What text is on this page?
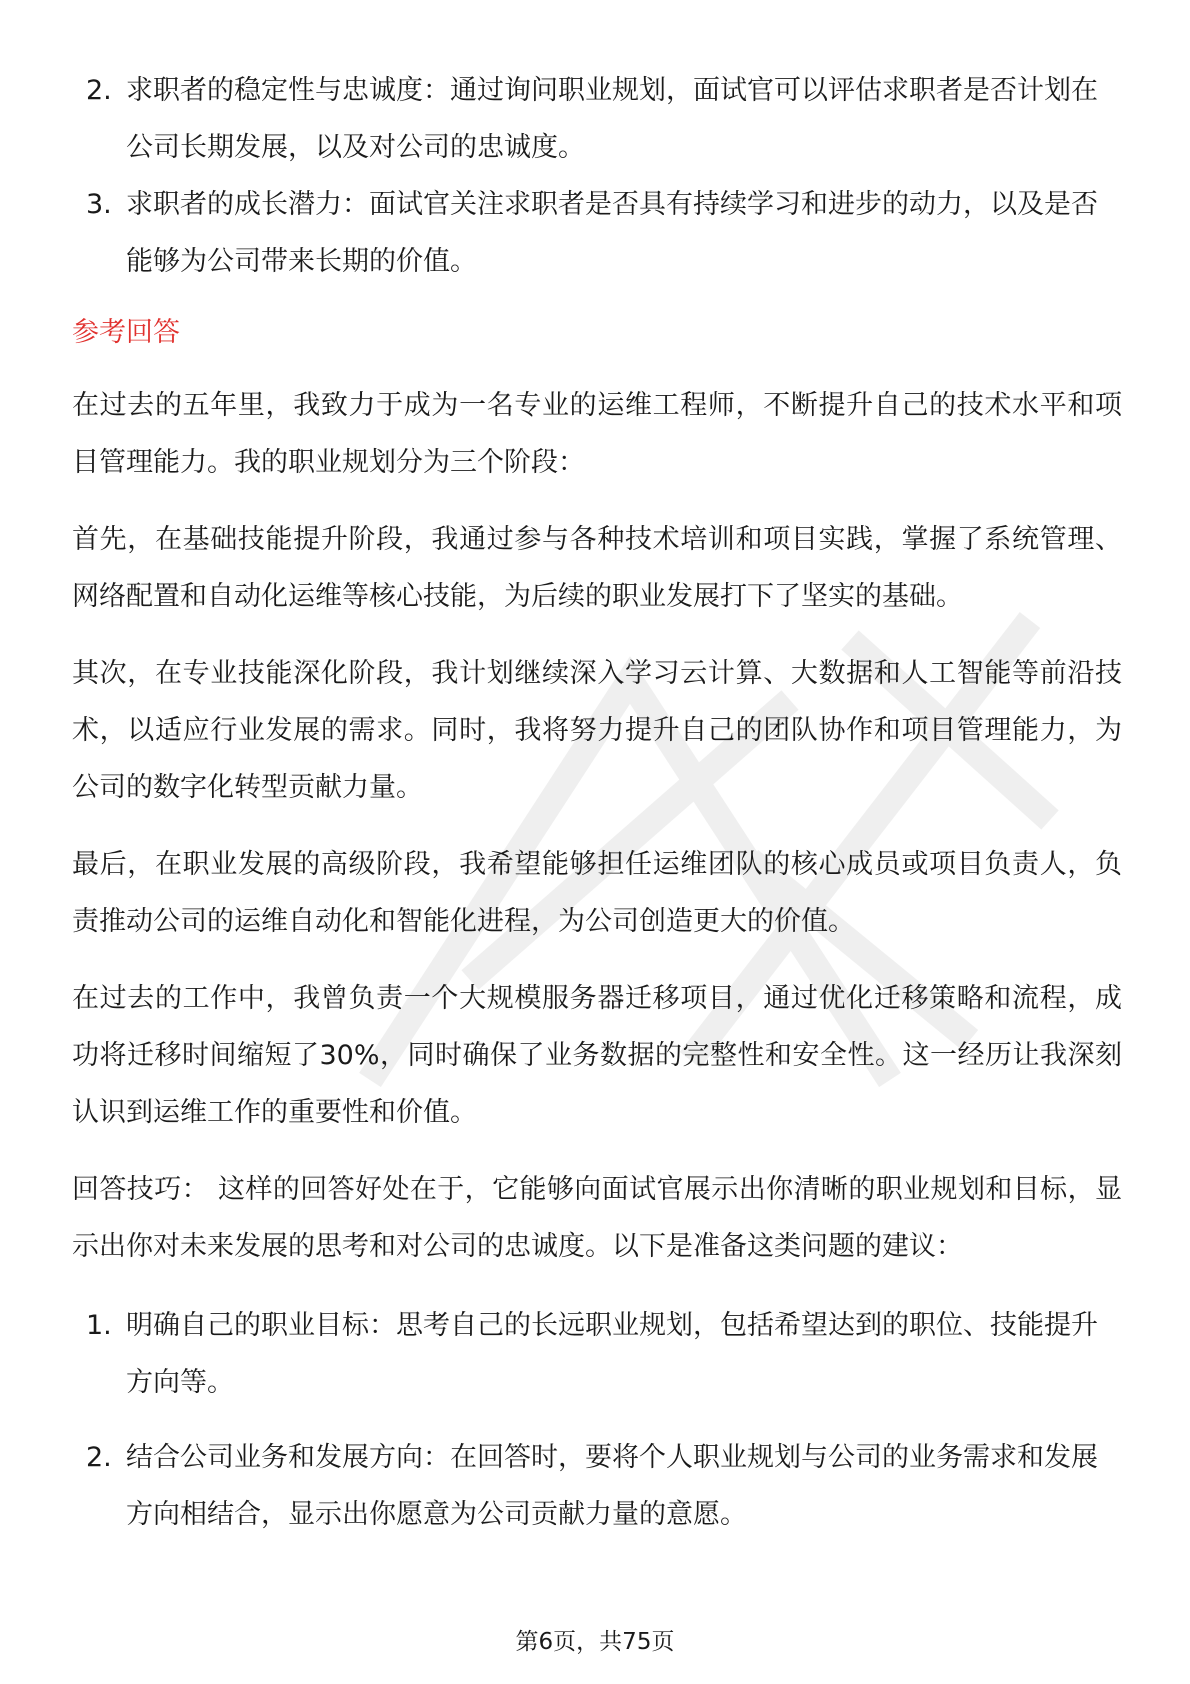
2. 求职者的稳定性与忠诚度：通过询问职业规划，面试官可以评估求职者是否计划在公司长期发展，以及对公司的忠诚度。
3. 求职者的成长潜力：面试官关注求职者是否具有持续学习和进步的动力，以及是否能够为公司带来长期的价值。
参考回答

在过去的五年里，我致力于成为一名专业的运维工程师，不断提升自己的技术水平和项目管理能力。我的职业规划分为三个阶段：

首先，在基础技能提升阶段，我通过参与各种技术培训和项目实践，掌握了系统管理、网络配置和自动化运维等核心技能，为后续的职业发展打下了坚实的基础。

其次，在专业技能深化阶段，我计划继续深入学习云计算、大数据和人工智能等前沿技术，以适应行业发展的需求。同时，我将努力提升自己的团队协作和项目管理能力，为公司的数字化转型贡献力量。

最后，在职业发展的高级阶段，我希望能够担任运维团队的核心成员或项目负责人，负责推动公司的运维自动化和智能化进程，为公司创造更大的价值。

在过去的工作中，我曾负责一个大规模服务器迁移项目，通过优化迁移策略和流程，成功将迁移时间缩短了30%，同时确保了业务数据的完整性和安全性。这一经历让我深刻认识到运维工作的重要性和价值。

回答技巧： 这样的回答好处在于，它能够向面试官展示出你清晰的职业规划和目标，显示出你对未来发展的思考和对公司的忠诚度。以下是准备这类问题的建议：

1. 明确自己的职业目标：思考自己的长远职业规划，包括希望达到的职位、技能提升方向等。
2. 结合公司业务和发展方向：在回答时，要将个人职业规划与公司的业务需求和发展方向相结合，显示出你愿意为公司贡献力量的意愿。
第6页，共75页
